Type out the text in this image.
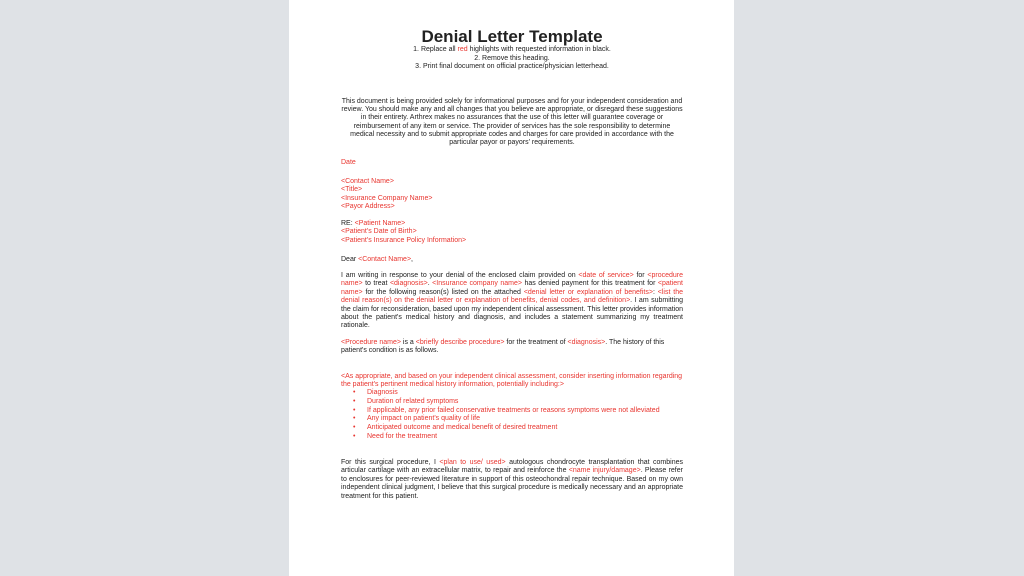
Denial Letter Template
1. Replace all red highlights with requested information in black.
2. Remove this heading.
3. Print final document on official practice/physician letterhead.
This document is being provided solely for informational purposes and for your independent consideration and review. You should make any and all changes that you believe are appropriate, or disregard these suggestions in their entirety. Arthrex makes no assurances that the use of this letter will guarantee coverage or reimbursement of any item or service. The provider of services has the sole responsibility to determine medical necessity and to submit appropriate codes and charges for care provided in accordance with the particular payor or payors' requirements.
Date
<Contact Name>
<Title>
<Insurance Company Name>
<Payor Address>
RE: <Patient Name>
<Patient's Date of Birth>
<Patient's Insurance Policy Information>
Dear <Contact Name>,
I am writing in response to your denial of the enclosed claim provided on <date of service> for <procedure name> to treat <diagnosis>. <Insurance company name> has denied payment for this treatment for <patient name> for the following reason(s) listed on the attached <denial letter or explanation of benefits>: <list the denial reason(s) on the denial letter or explanation of benefits, denial codes, and definition>. I am submitting the claim for reconsideration, based upon my independent clinical assessment. This letter provides information about the patient's medical history and diagnosis, and includes a statement summarizing my treatment rationale.
<Procedure name> is a <briefly describe procedure> for the treatment of <diagnosis>. The history of this patient's condition is as follows.
<As appropriate, and based on your independent clinical assessment, consider inserting information regarding the patient's pertinent medical history information, potentially including:>
•	Diagnosis
•	Duration of related symptoms
•	If applicable, any prior failed conservative treatments or reasons symptoms were not alleviated
•	Any impact on patient's quality of life
•	Anticipated outcome and medical benefit of desired treatment
•	Need for the treatment
For this surgical procedure, I <plan to use/ used> autologous chondrocyte transplantation that combines articular cartilage with an extracellular matrix, to repair and reinforce the <name injury/damage>. Please refer to enclosures for peer-reviewed literature in support of this osteochondral repair technique. Based on my own independent clinical judgment, I believe that this surgical procedure is medically necessary and an appropriate treatment for this patient.
